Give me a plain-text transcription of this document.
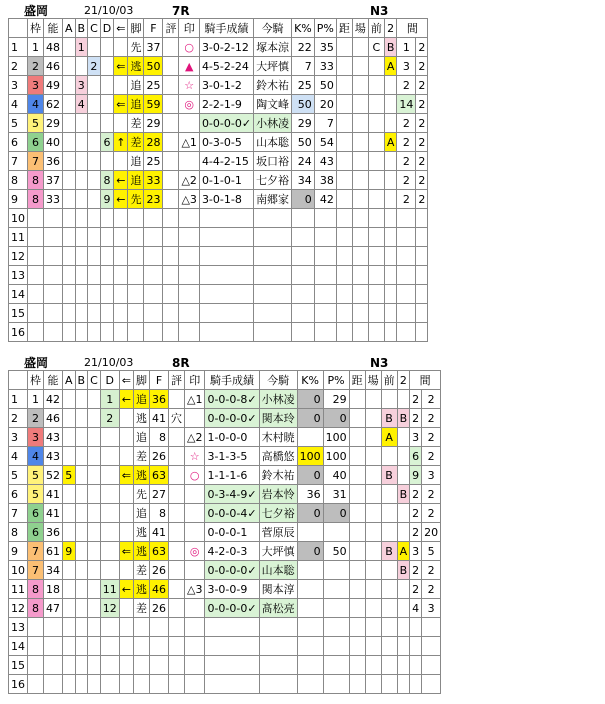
盛岡	21/10/03	7R	N3
	枠	能	A	B	C	D	⇐	脚	F	評	印	騎手成績	今騎	K%	P%	距	場	前	2	間	
1	1	48		1				先	37		○	3-0-2-12	塚本涼	22	35			C	B	1	2
2	2	46			2		⇐	逃	50		▲	4-5-2-24	大坪慎	7	33				A	3	2
3	3	49		3				追	25		☆	3-0-1-2	鈴木祐	25	50					2	2
4	4	62		4			⇐	追	59		◎	2-2-1-9	陶文峰	50	20					14	2
5	5	29						差	29			0-0-0-0✓	小林凌	29	7					2	2
6	6	40				6	↑	差	28		△1	0-3-0-5	山本聡	50	54				A	2	2
7	7	36						追	25			4-4-2-15	坂口裕	24	43					2	2
8	8	37				8	←	追	33		△2	0-1-0-1	七夕裕	34	38					2	2
9	8	33				9	←	先	23		△3	3-0-1-8	南郷家	0	42					2	2
10																					
11																					
12																					
13																					
14																					
15																					
16																					
盛岡	21/10/03	8R	N3
	枠	能	A	B	C	D	⇐	脚	F	評	印	騎手成績	今騎	K%	P%	距	場	前	2	間	
1	1	42				1	←	追	36		△1	0-0-0-8✓	小林凌	0	29					2	2
2	2	46				2		逃	41	穴		0-0-0-0✓	関本玲	0	0			B	B	2	2
3	3	43						追	8		△2	1-0-0-0	木村暁		100			A		3	2
4	4	43						差	26		☆	3-1-3-5	高橋悠	100	100					6	2
5	5	52	5				⇐	逃	63		○	1-1-1-6	鈴木祐	0	40			B		9	3
6	5	41						先	27			0-3-4-9✓	岩本怜	36	31				B	2	2
7	6	41						追	8			0-0-0-4✓	七夕裕	0	0					2	2
8	6	36						逃	41			0-0-0-1	菅原辰							2	20
9	7	61	9				⇐	逃	63		◎	4-2-0-3	大坪慎	0	50			B	A	3	5
10	7	34						差	26			0-0-0-0✓	山本聡						B	2	2
11	8	18				11	←	逃	46		△3	3-0-0-9	関本淳							2	2
12	8	47				12		差	26			0-0-0-0✓	髙松亮							4	3
13																					
14																					
15																					
16																					
